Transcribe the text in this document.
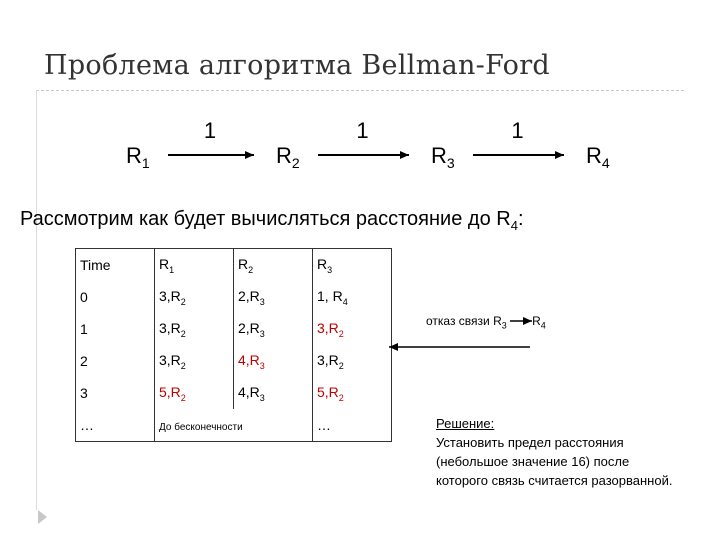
Проблема алгоритма Bellman-Ford
1	1	1
$R_1$	$R_2$	$R_3$	$R_4$
Рассмотрим как будет вычисляться расстояние до $R_4$:
Time	$R_1$	$R_2$	$R_3$
0	$3,R_2$	$2,R_3$	1, $R_4$
1	$3,R_2$	$2,R_3$	$3,R_2$
2	$3,R_2$	$4,R_3$	$3,R_2$
3	$5,R_2$	$4,R_3$	$5,R_2$
…	До бесконечности		…
отказ связи $R_3$ $R_4$
Решение:
Установить предел расстояния
(небольшое значение 16) после
которого связь считается разорванной.
